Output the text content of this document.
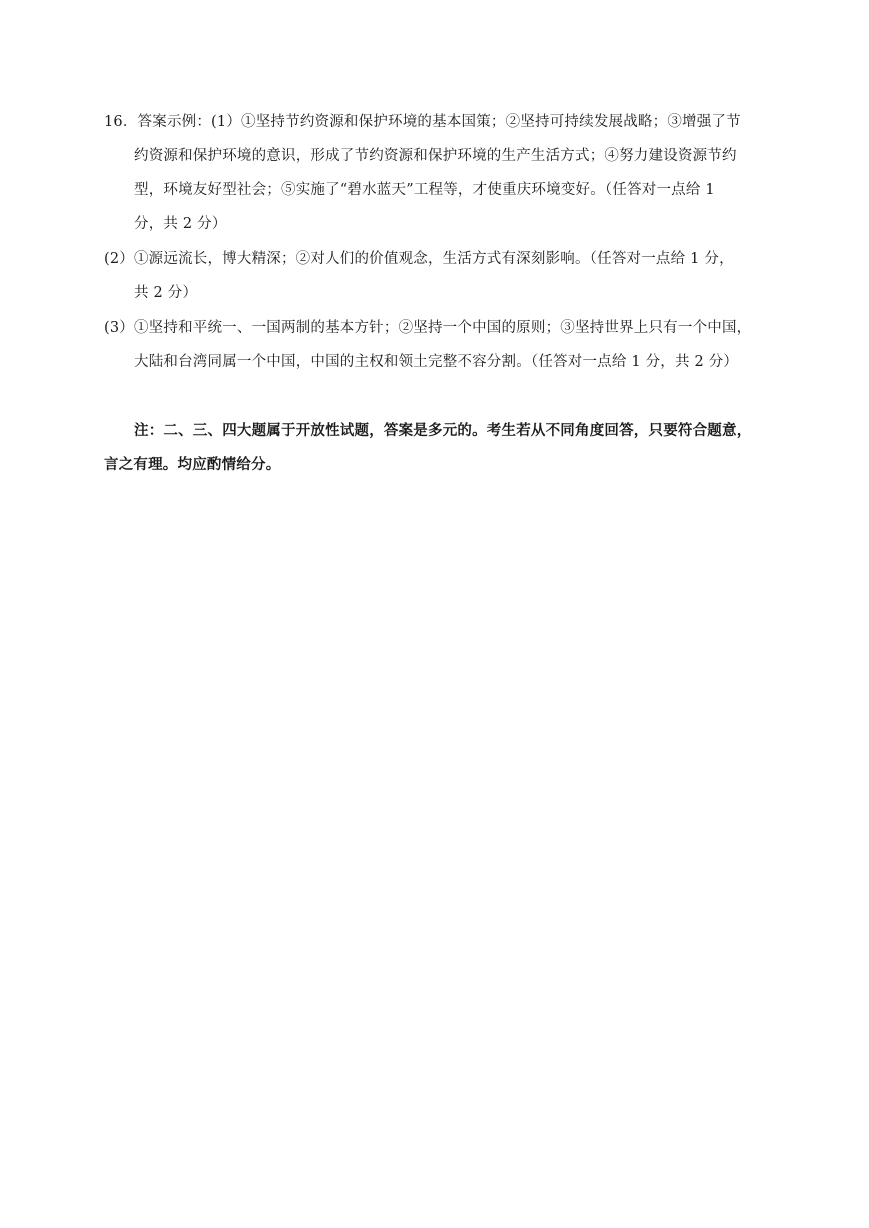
16．答案示例：(1）①坚持节约资源和保护环境的基本国策；②坚持可持续发展战略；③增强了节
约资源和保护环境的意识，形成了节约资源和保护环境的生产生活方式；④努力建设资源节约
型，环境友好型社会；⑤实施了“碧水蓝天”工程等，才使重庆环境变好。（任答对一点给 1
分，共 2 分）
(2）①源远流长，博大精深；②对人们的价值观念，生活方式有深刻影响。（任答对一点给 1 分，
共 2 分）
(3）①坚持和平统一、一国两制的基本方针；②坚持一个中国的原则；③坚持世界上只有一个中国，
大陆和台湾同属一个中国，中国的主权和领土完整不容分割。（任答对一点给 1 分，共 2 分）
注：二、三、四大题属于开放性试题，答案是多元的。考生若从不同角度回答，只要符合题意，
言之有理。均应酌情给分。
